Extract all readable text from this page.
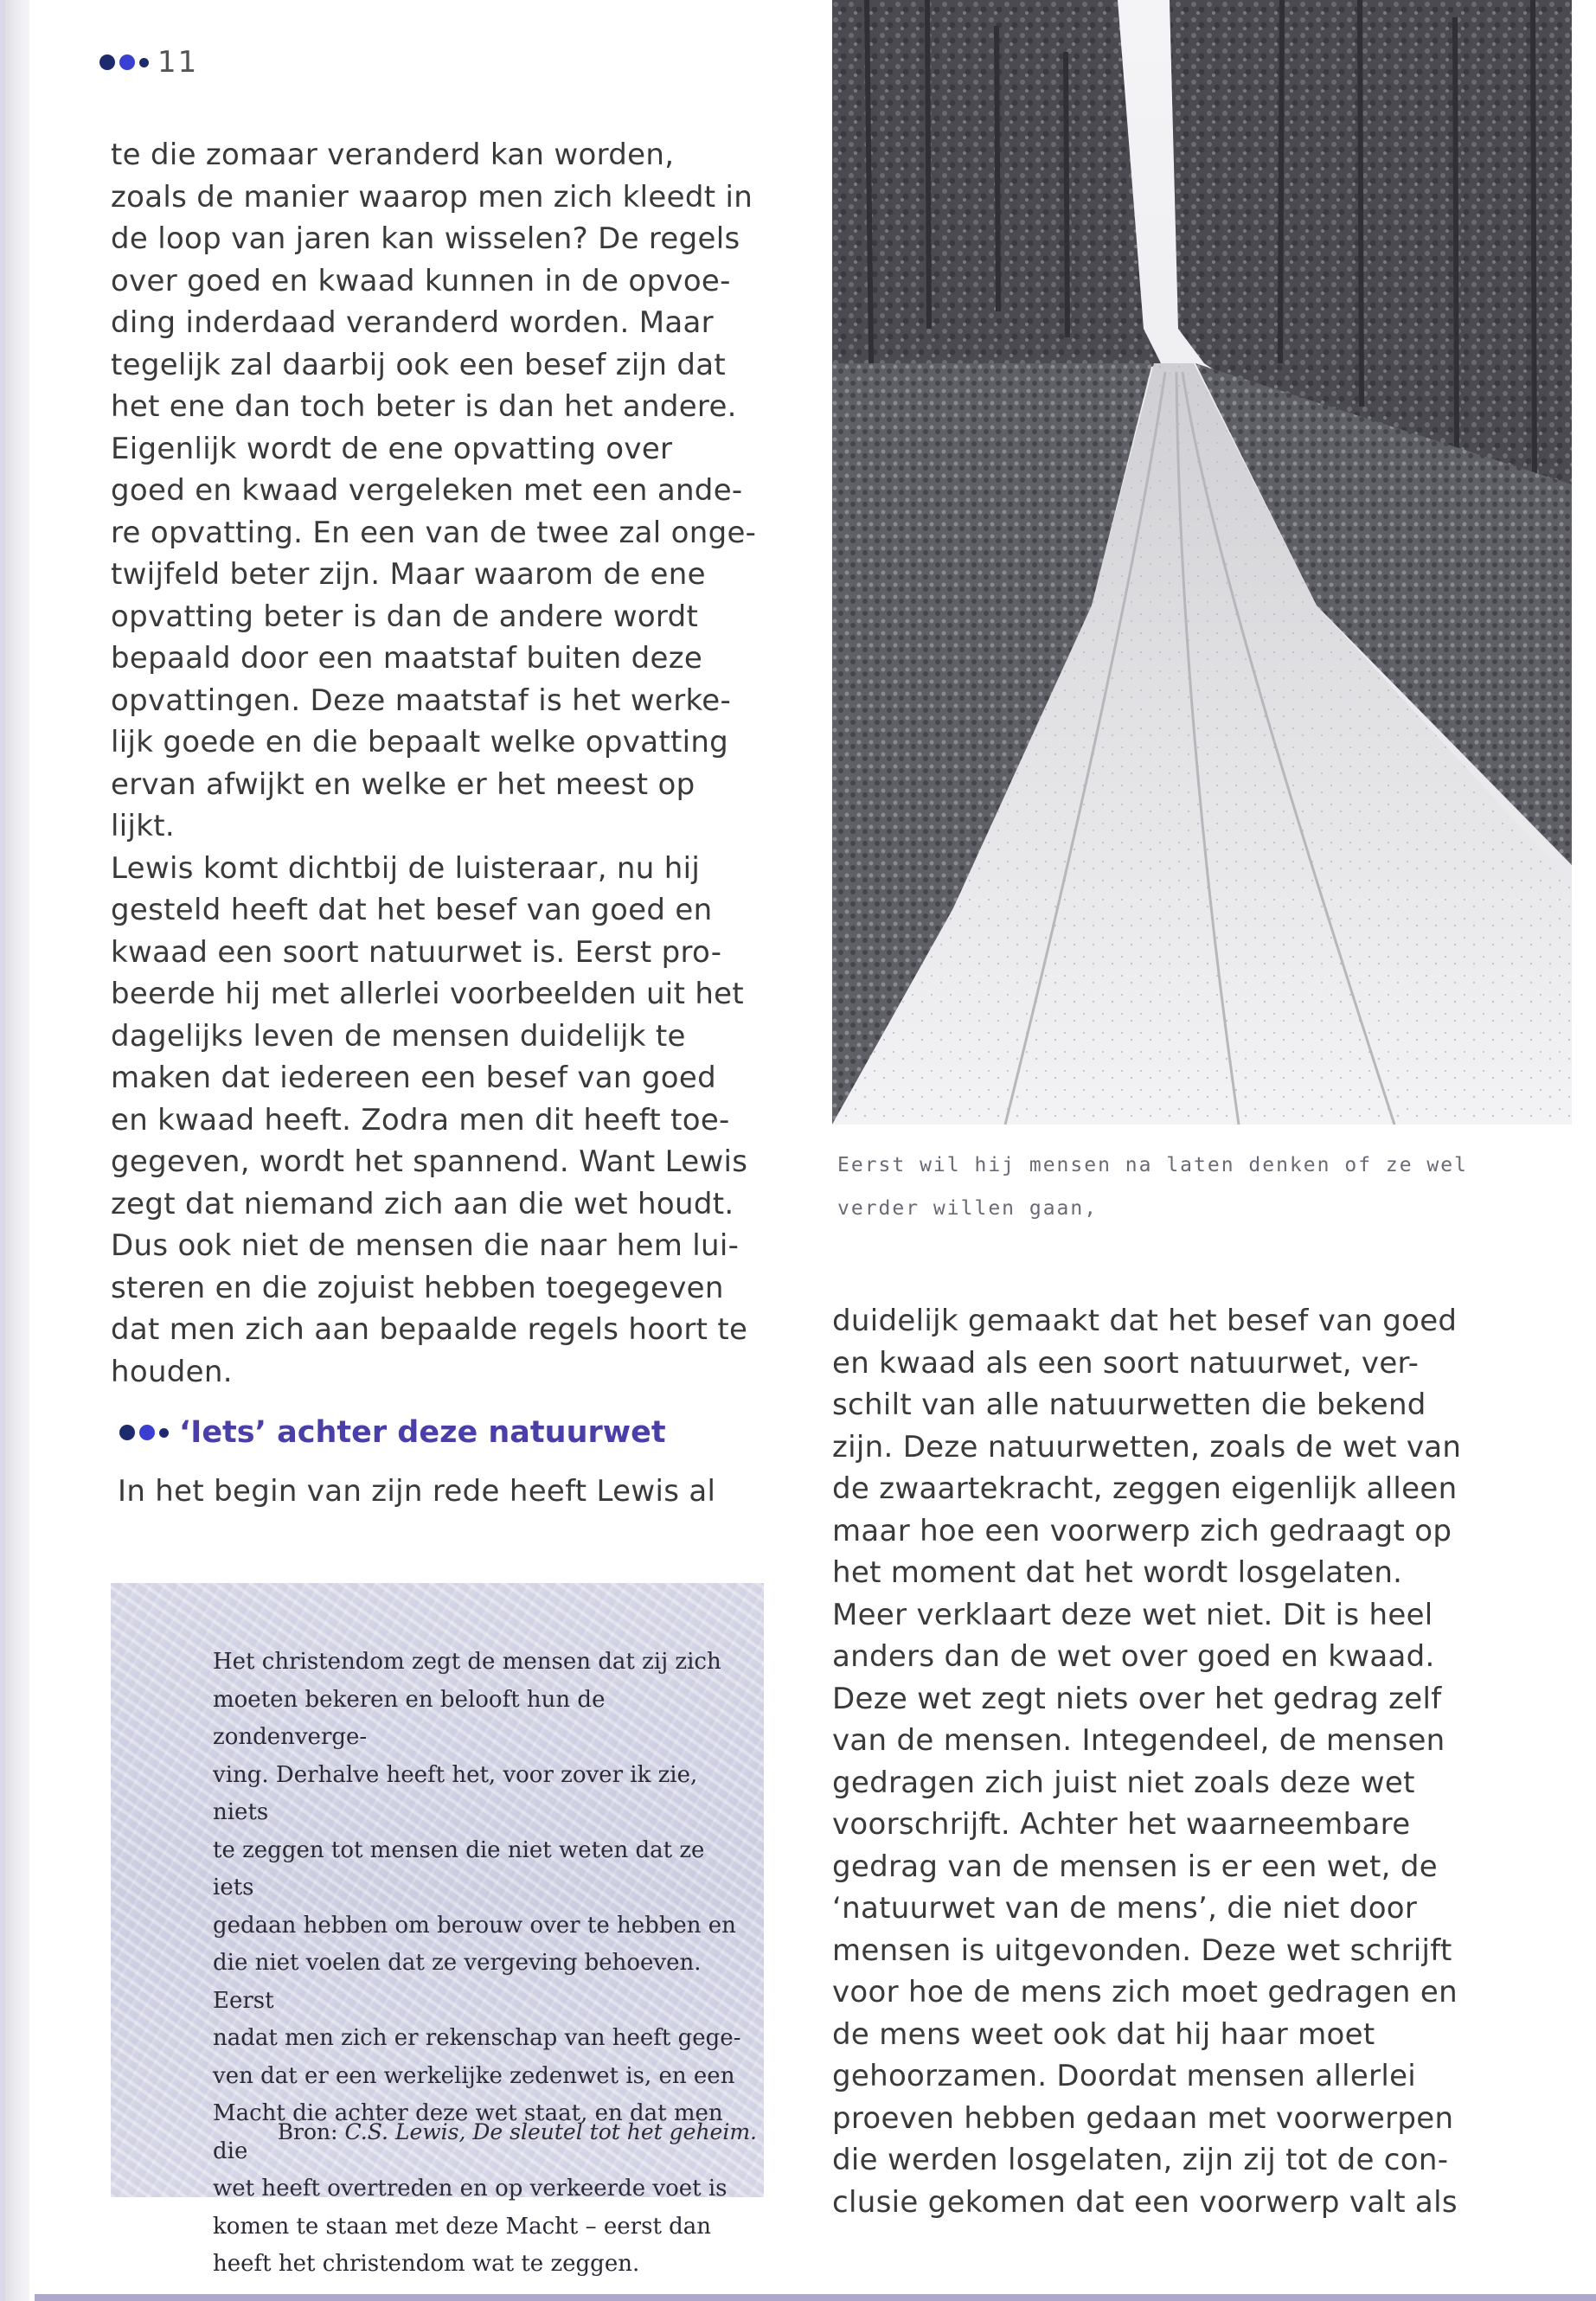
11

te die zomaar veranderd kan worden,

zoals de manier waarop men zich kleedt in

de loop van jaren kan wisselen? De regels

over goed en kwaad kunnen in de opvoe-

ding inderdaad veranderd worden. Maar

tegelijk zal daarbij ook een besef zijn dat

het ene dan toch beter is dan het andere.

Eigenlijk wordt de ene opvatting over

goed en kwaad vergeleken met een ande-

re opvatting. En een van de twee zal onge-

twijfeld beter zijn. Maar waarom de ene

opvatting beter is dan de andere wordt

bepaald door een maatstaf buiten deze

opvattingen. Deze maatstaf is het werke-

lijk goede en die bepaalt welke opvatting

ervan afwijkt en welke er het meest op

lijkt.

Lewis komt dichtbij de luisteraar, nu hij

gesteld heeft dat het besef van goed en

kwaad een soort natuurwet is. Eerst pro-

beerde hij met allerlei voorbeelden uit het

dagelijks leven de mensen duidelijk te

maken dat iedereen een besef van goed

en kwaad heeft. Zodra men dit heeft toe-

gegeven, wordt het spannend. Want Lewis

zegt dat niemand zich aan die wet houdt.

Dus ook niet de mensen die naar hem lui-

steren en die zojuist hebben toegegeven

dat men zich aan bepaalde regels hoort te

houden.

‘Iets’ achter deze natuurwet

In het begin van zijn rede heeft Lewis al

Het christendom zegt de mensen dat zij zich
moeten bekeren en belooft hun de zondenverge-
ving. Derhalve heeft het, voor zover ik zie, niets
te zeggen tot mensen die niet weten dat ze iets
gedaan hebben om berouw over te hebben en
die niet voelen dat ze vergeving behoeven. Eerst
nadat men zich er rekenschap van heeft gege-
ven dat er een werkelijke zedenwet is, en een
Macht die achter deze wet staat, en dat men die
wet heeft overtreden en op verkeerde voet is
komen te staan met deze Macht – eerst dan
heeft het christendom wat te zeggen.
Bron: C.S. Lewis, De sleutel tot het geheim.
Eerst wil hij mensen na laten denken of ze wel
verder willen gaan,

duidelijk gemaakt dat het besef van goed

en kwaad als een soort natuurwet, ver-

schilt van alle natuurwetten die bekend

zijn. Deze natuurwetten, zoals de wet van

de zwaartekracht, zeggen eigenlijk alleen

maar hoe een voorwerp zich gedraagt op

het moment dat het wordt losgelaten.

Meer verklaart deze wet niet. Dit is heel

anders dan de wet over goed en kwaad.

Deze wet zegt niets over het gedrag zelf

van de mensen. Integendeel, de mensen

gedragen zich juist niet zoals deze wet

voorschrijft. Achter het waarneembare

gedrag van de mensen is er een wet, de

‘natuurwet van de mens’, die niet door

mensen is uitgevonden. Deze wet schrijft

voor hoe de mens zich moet gedragen en

de mens weet ook dat hij haar moet

gehoorzamen. Doordat mensen allerlei

proeven hebben gedaan met voorwerpen

die werden losgelaten, zijn zij tot de con-

clusie gekomen dat een voorwerp valt als
